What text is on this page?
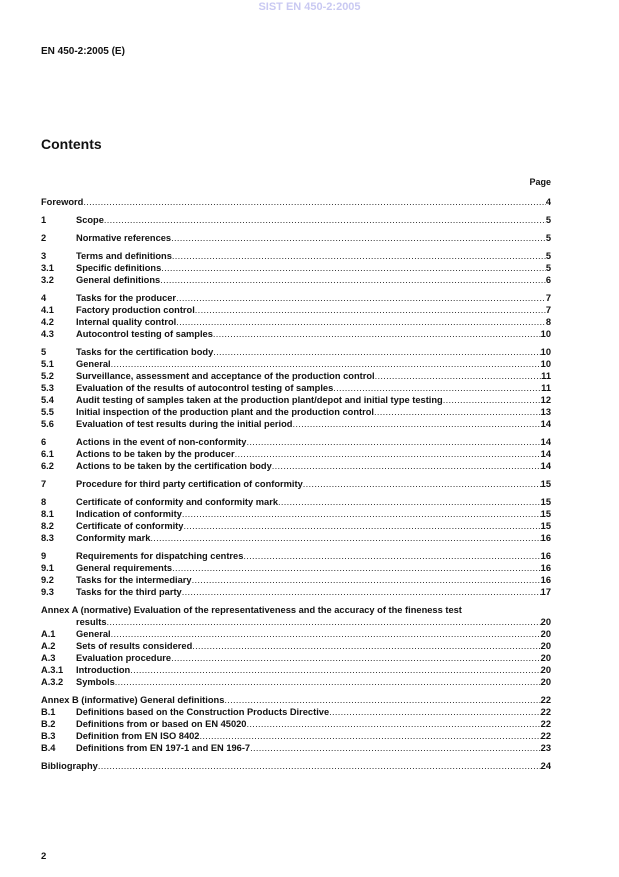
SIST EN 450-2:2005
EN 450-2:2005 (E)
Contents
Page
Foreword .....	4
1	Scope .....	5
2	Normative references .....	5
3	Terms and definitions .....	5
3.1	Specific definitions .....	5
3.2	General definitions .....	6
4	Tasks for the producer .....	7
4.1	Factory production control .....	7
4.2	Internal quality control .....	8
4.3	Autocontrol testing of samples .....	10
5	Tasks for the certification body .....	10
5.1	General .....	10
5.2	Surveillance, assessment and acceptance of the production control .....	11
5.3	Evaluation of the results of autocontrol testing of samples .....	11
5.4	Audit testing of samples taken at the production plant/depot and initial type testing .....	12
5.5	Initial inspection of the production plant and the production control .....	13
5.6	Evaluation of test results during the initial period .....	14
6	Actions in the event of non-conformity .....	14
6.1	Actions to be taken by the producer .....	14
6.2	Actions to be taken by the certification body .....	14
7	Procedure for third party certification of conformity .....	15
8	Certificate of conformity and conformity mark .....	15
8.1	Indication of conformity .....	15
8.2	Certificate of conformity .....	15
8.3	Conformity mark .....	16
9	Requirements for dispatching centres .....	16
9.1	General requirements .....	16
9.2	Tasks for the intermediary .....	16
9.3	Tasks for the third party .....	17
Annex A (normative) Evaluation of the representativeness and the accuracy of the fineness test
results .....	20
A.1	General .....	20
A.2	Sets of results considered .....	20
A.3	Evaluation procedure .....	20
A.3.1	Introduction .....	20
A.3.2	Symbols .....	20
Annex B (informative) General definitions .....	22
B.1	Definitions based on the Construction Products Directive .....	22
B.2	Definitions from or based on EN 45020 .....	22
B.3	Definition from EN ISO 8402 .....	22
B.4	Definitions from EN 197-1 and EN 196-7 .....	23
Bibliography .....	24
2
